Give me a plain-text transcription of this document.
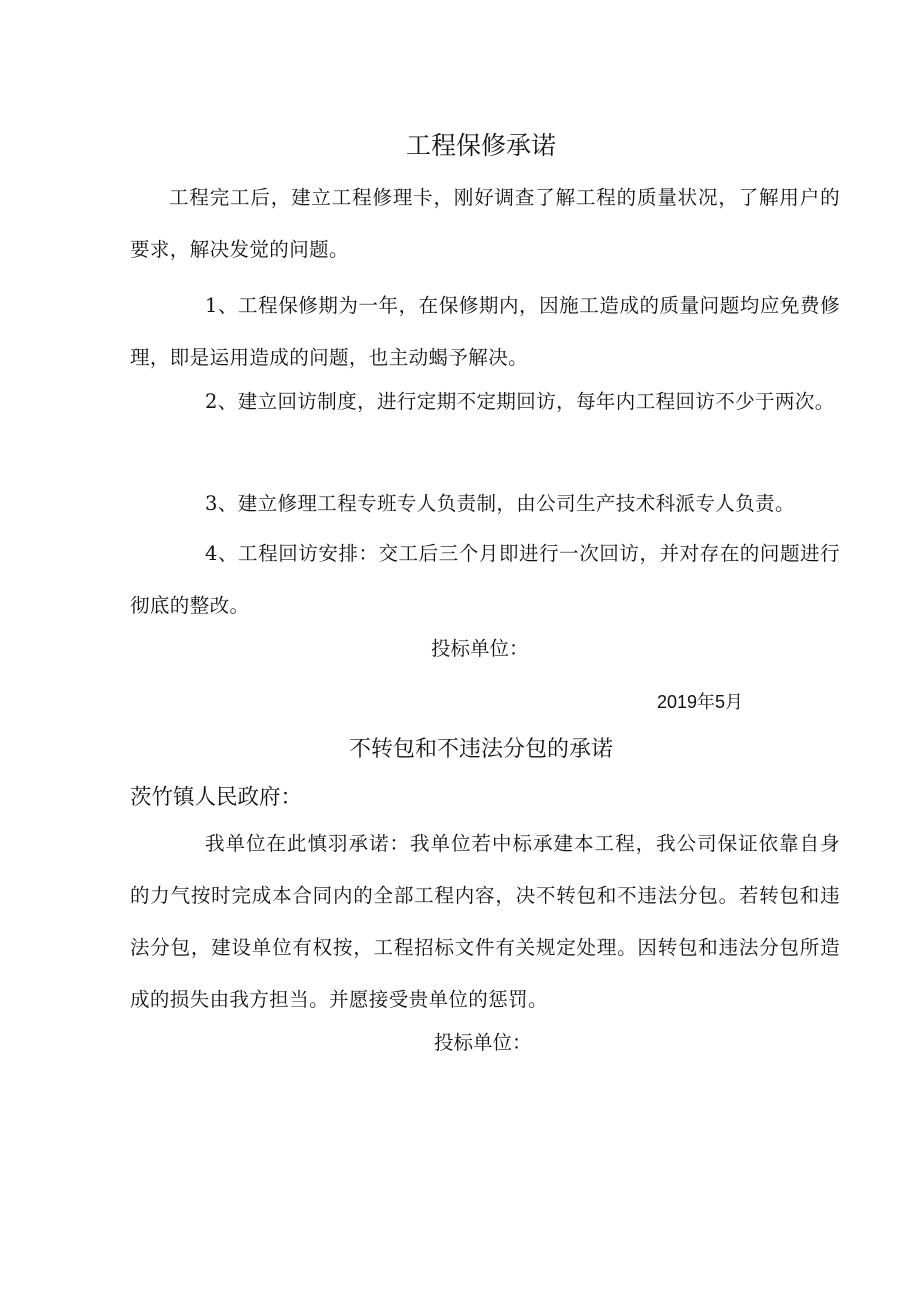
工程保修承诺

工程完工后，建立工程修理卡，刚好调查了解工程的质量状况，了解用户的要求，解决发觉的问题。

1、工程保修期为一年，在保修期内，因施工造成的质量问题均应免费修理，即是运用造成的问题，也主动蝎予解决。

2、建立回访制度，进行定期不定期回访，每年内工程回访不少于两次。

3、建立修理工程专班专人负责制，由公司生产技术科派专人负责。

4、工程回访安排：交工后三个月即进行一次回访，并对存在的问题进行彻底的整改。

投标单位：
2019年5月
不转包和不违法分包的承诺
茨竹镇人民政府：

我单位在此慎羽承诺：我单位若中标承建本工程，我公司保证依靠自身的力气按时完成本合同内的全部工程内容，决不转包和不违法分包。若转包和违法分包，建设单位有权按，工程招标文件有关规定处理。因转包和违法分包所造成的损失由我方担当。并愿接受贵单位的惩罚。

投标单位：
